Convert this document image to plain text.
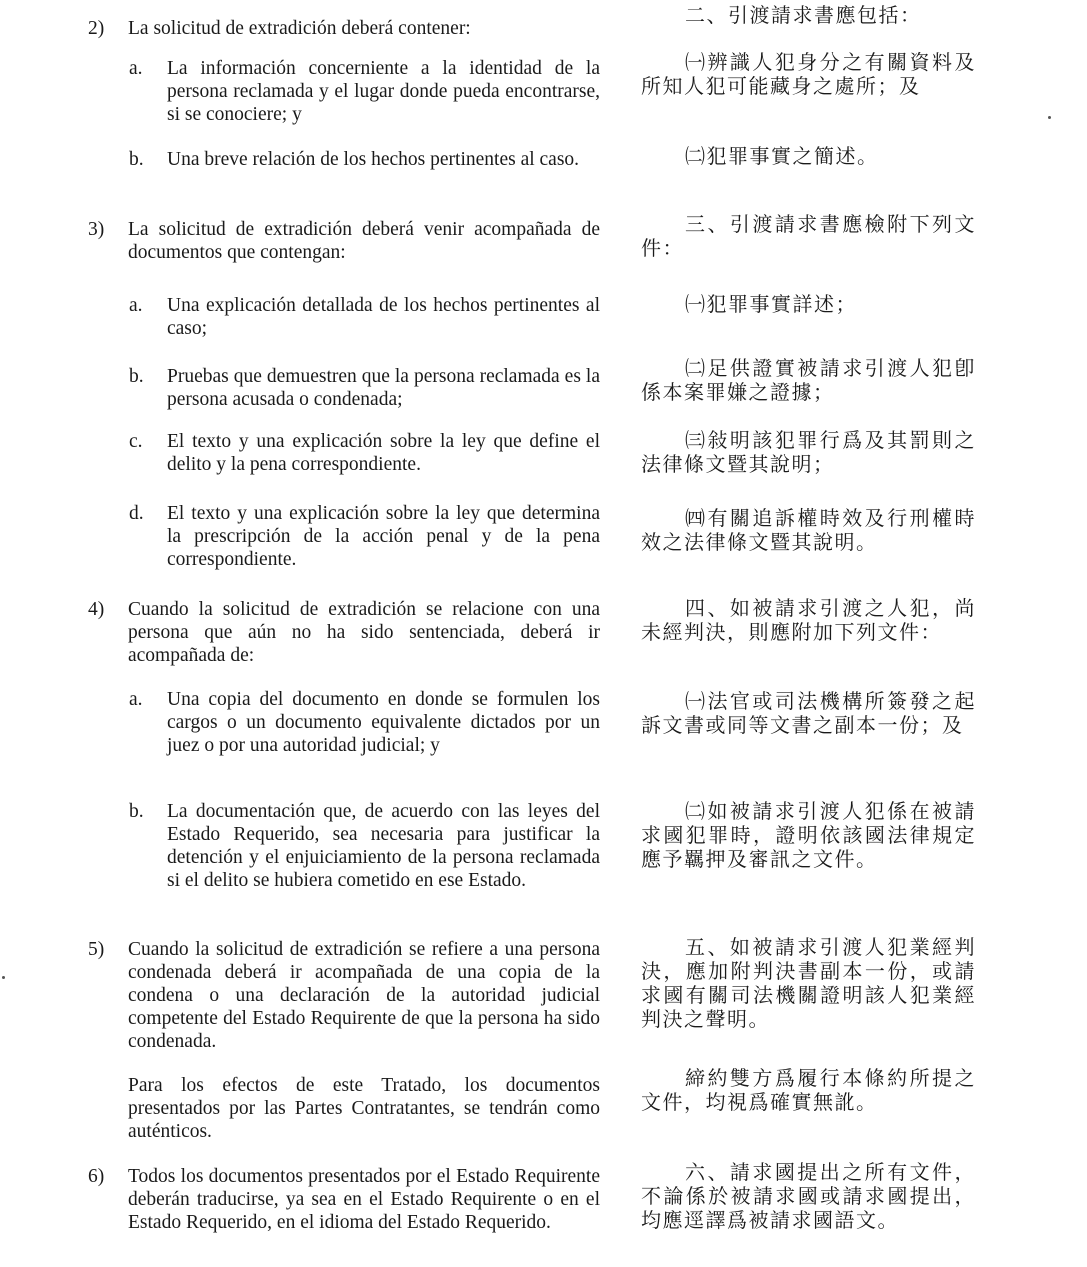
2)	La solicitud de extradición deberá contener:

a.	La información concerniente a la identidad de la persona reclamada y el lugar donde pueda encontrarse, si se conociere; y

b.	Una breve relación de los hechos pertinentes al caso.

3)	La solicitud de extradición deberá venir acompañada de documentos que contengan:

a.	Una explicación detallada de los hechos pertinentes al caso;

b.	Pruebas que demuestren que la persona reclamada es la persona acusada o condenada;

c.	El texto y una explicación sobre la ley que define el delito y la pena correspondiente.

d.	El texto y una explicación sobre la ley que determina la prescripción de la acción penal y de la pena correspondiente.

4)	Cuando la solicitud de extradición se relacione con una persona que aún no ha sido sentenciada, deberá ir acompañada de:

a.	Una copia del documento en donde se formulen los cargos o un documento equivalente dictados por un juez o por una autoridad judicial; y

b.	La documentación que, de acuerdo con las leyes del Estado Requerido, sea necesaria para justificar la detención y el enjuiciamiento de la persona reclamada si el delito se hubiera cometido en ese Estado.

5)	Cuando la solicitud de extradición se refiere a una persona condenada deberá ir acompañada de una copia de la condena o una declaración de la autoridad judicial competente del Estado Requirente de que la persona ha sido condenada.

Para los efectos de este Tratado, los documentos presentados por las Partes Contratantes, se tendrán como auténticos.

6)	Todos los documentos presentados por el Estado Requirente deberán traducirse, ya sea en el Estado Requirente o en el Estado Requerido, en el idioma del Estado Requerido.

二、引渡請求書應包括：

㈠辨識人犯身分之有關資料及所知人犯可能藏身之處所；及

㈡犯罪事實之簡述。

三、引渡請求書應檢附下列文件：

㈠犯罪事實詳述；

㈡足供證實被請求引渡人犯卽係本案罪嫌之證據；

㈢敍明該犯罪行爲及其罰則之法律條文暨其說明；

㈣有關追訴權時效及行刑權時效之法律條文暨其說明。

四、如被請求引渡之人犯，尚未經判決，則應附加下列文件：

㈠法官或司法機構所簽發之起訴文書或同等文書之副本一份；及

㈡如被請求引渡人犯係在被請求國犯罪時，證明依該國法律規定應予羈押及審訊之文件。

五、如被請求引渡人犯業經判決，應加附判決書副本一份，或請求國有關司法機關證明該人犯業經判決之聲明。

締約雙方爲履行本條約所提之文件，均視爲確實無訛。

六、請求國提出之所有文件，不論係於被請求國或請求國提出，均應逕譯爲被請求國語文。
